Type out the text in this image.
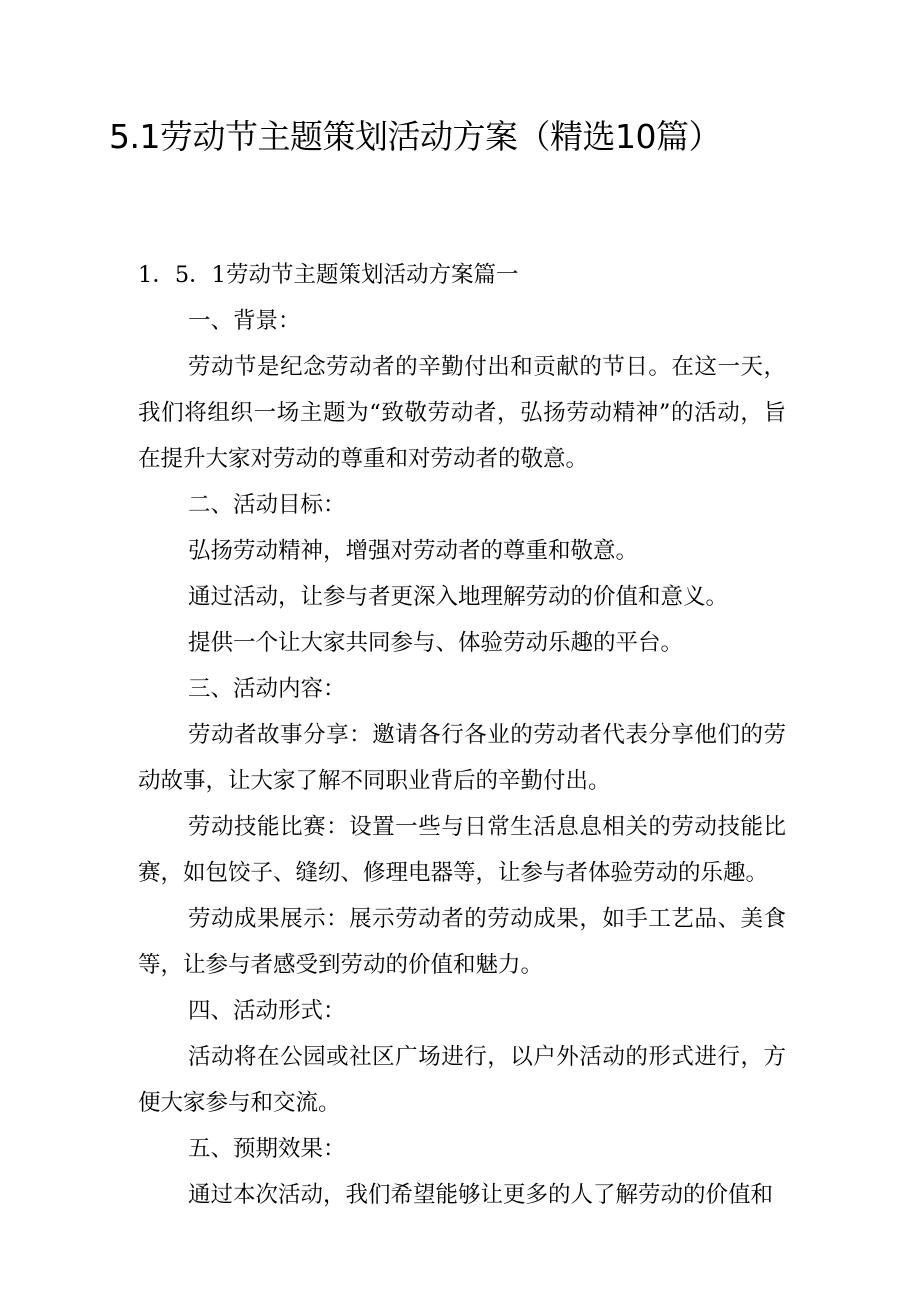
5.1劳动节主题策划活动方案（精选10篇）
1．5．1劳动节主题策划活动方案篇一
一、背景：

劳动节是纪念劳动者的辛勤付出和贡献的节日。在这一天，我们将组织一场主题为“致敬劳动者，弘扬劳动精神”的活动，旨在提升大家对劳动的尊重和对劳动者的敬意。

二、活动目标：

弘扬劳动精神，增强对劳动者的尊重和敬意。

通过活动，让参与者更深入地理解劳动的价值和意义。

提供一个让大家共同参与、体验劳动乐趣的平台。

三、活动内容：

劳动者故事分享：邀请各行各业的劳动者代表分享他们的劳动故事，让大家了解不同职业背后的辛勤付出。

劳动技能比赛：设置一些与日常生活息息相关的劳动技能比赛，如包饺子、缝纫、修理电器等，让参与者体验劳动的乐趣。

劳动成果展示：展示劳动者的劳动成果，如手工艺品、美食等，让参与者感受到劳动的价值和魅力。

四、活动形式：

活动将在公园或社区广场进行，以户外活动的形式进行，方便大家参与和交流。

五、预期效果：

通过本次活动，我们希望能够让更多的人了解劳动的价值和
